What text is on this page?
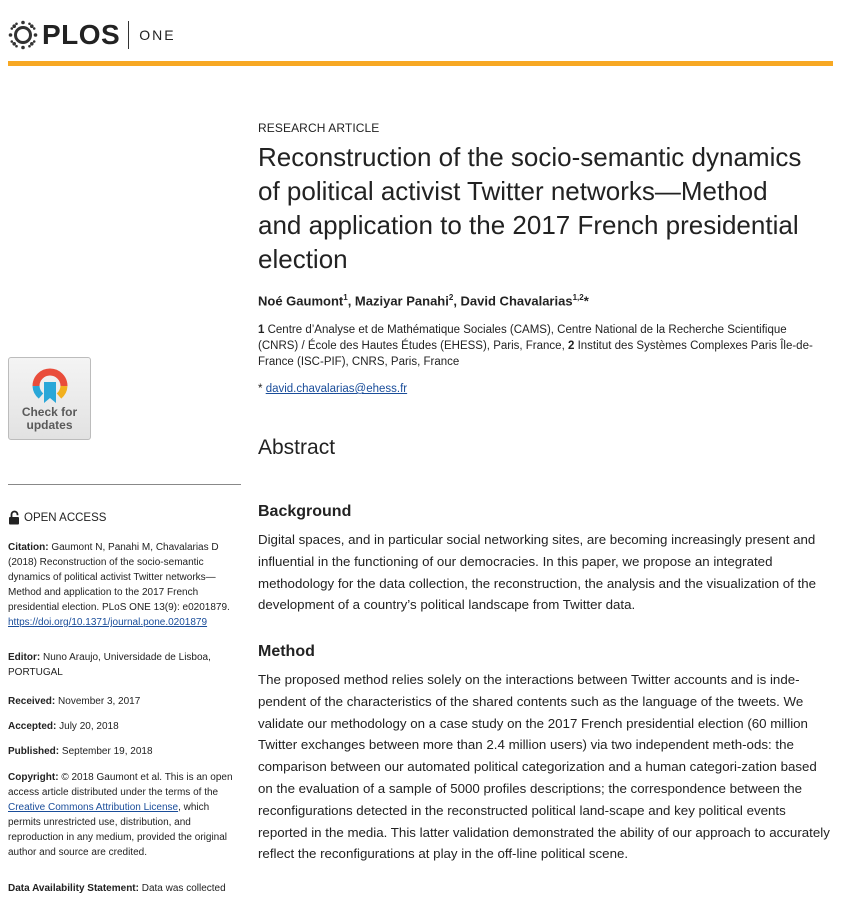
PLOS ONE
RESEARCH ARTICLE
Reconstruction of the socio-semantic dynamics of political activist Twitter networks—Method and application to the 2017 French presidential election
Noé Gaumont$^1$, Maziyar Panahi$^2$, David Chavalarias$^{1,2}$*
1 Centre d’Analyse et de Mathématique Sociales (CAMS), Centre National de la Recherche Scientifique (CNRS) / École des Hautes Études (EHESS), Paris, France, 2 Institut des Systèmes Complexes Paris Île-de-France (ISC-PIF), CNRS, Paris, France
* david.chavalarias@ehess.fr
Abstract
Background
Digital spaces, and in particular social networking sites, are becoming increasingly present and influential in the functioning of our democracies. In this paper, we propose an integrated methodology for the data collection, the reconstruction, the analysis and the visualization of the development of a country’s political landscape from Twitter data.
Method
The proposed method relies solely on the interactions between Twitter accounts and is inde-pendent of the characteristics of the shared contents such as the language of the tweets. We validate our methodology on a case study on the 2017 French presidential election (60 million Twitter exchanges between more than 2.4 million users) via two independent meth-ods: the comparison between our automated political categorization and a human categori-zation based on the evaluation of a sample of 5000 profiles descriptions; the correspondence between the reconfigurations detected in the reconstructed political land-scape and key political events reported in the media. This latter validation demonstrated the ability of our approach to accurately reflect the reconfigurations at play in the off-line political scene.
Check for
updates
OPEN ACCESS
Citation: Gaumont N, Panahi M, Chavalarias D (2018) Reconstruction of the socio-semantic dynamics of political activist Twitter networks—Method and application to the 2017 French presidential election. PLoS ONE 13(9): e0201879. https://doi.org/10.1371/journal.pone.0201879
Editor: Nuno Araujo, Universidade de Lisboa, PORTUGAL
Received: November 3, 2017
Accepted: July 20, 2018
Published: September 19, 2018
Copyright: © 2018 Gaumont et al. This is an open access article distributed under the terms of the Creative Commons Attribution License, which permits unrestricted use, distribution, and reproduction in any medium, provided the original author and source are credited.
Data Availability Statement: Data was collected
